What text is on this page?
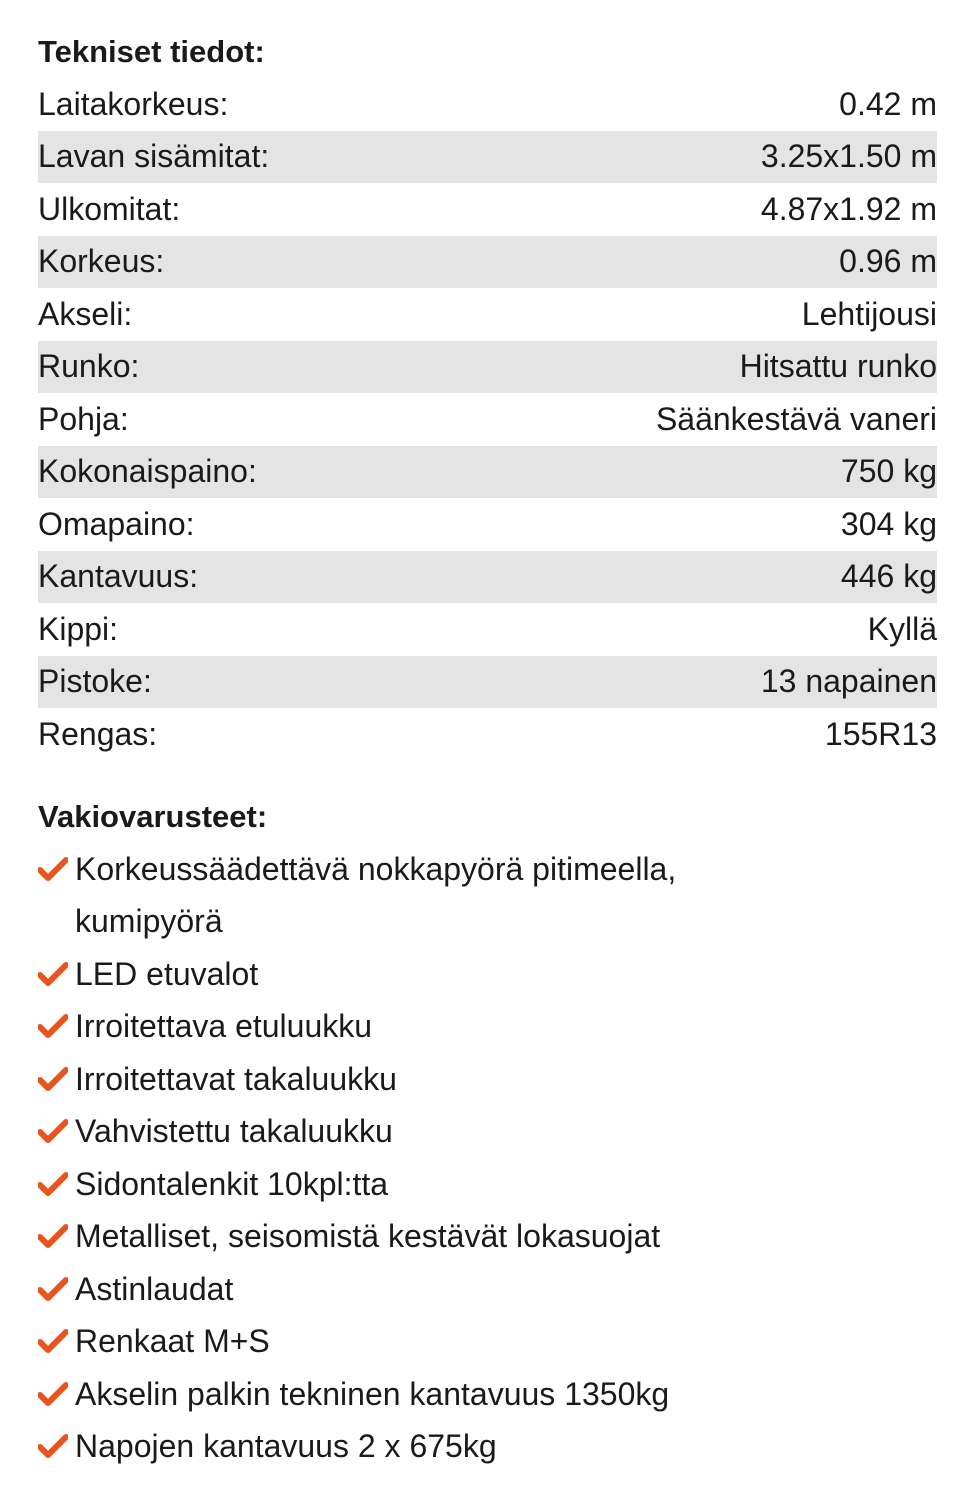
Tekniset tiedot:
Laitakorkeus:	0.42 m
Lavan sisämitat:	3.25x1.50 m
Ulkomitat:	4.87x1.92 m
Korkeus:	0.96 m
Akseli:	Lehtijousi
Runko:	Hitsattu runko
Pohja:	Säänkestävä vaneri
Kokonaispaino:	750 kg
Omapaino:	304 kg
Kantavuus:	446 kg
Kippi:	Kyllä
Pistoke:	13 napainen
Rengas:	155R13
Vakiovarusteet:
Korkeussäädettävä nokkapyörä pitimeella, kumipyörä
LED etuvalot
Irroitettava etuluukku
Irroitettavat takaluukku
Vahvistettu takaluukku
Sidontalenkit 10kpl:tta
Metalliset, seisomistä kestävät lokasuojat
Astinlaudat
Renkaat M+S
Akselin palkin tekninen kantavuus 1350kg
Napojen kantavuus 2 x 675kg
